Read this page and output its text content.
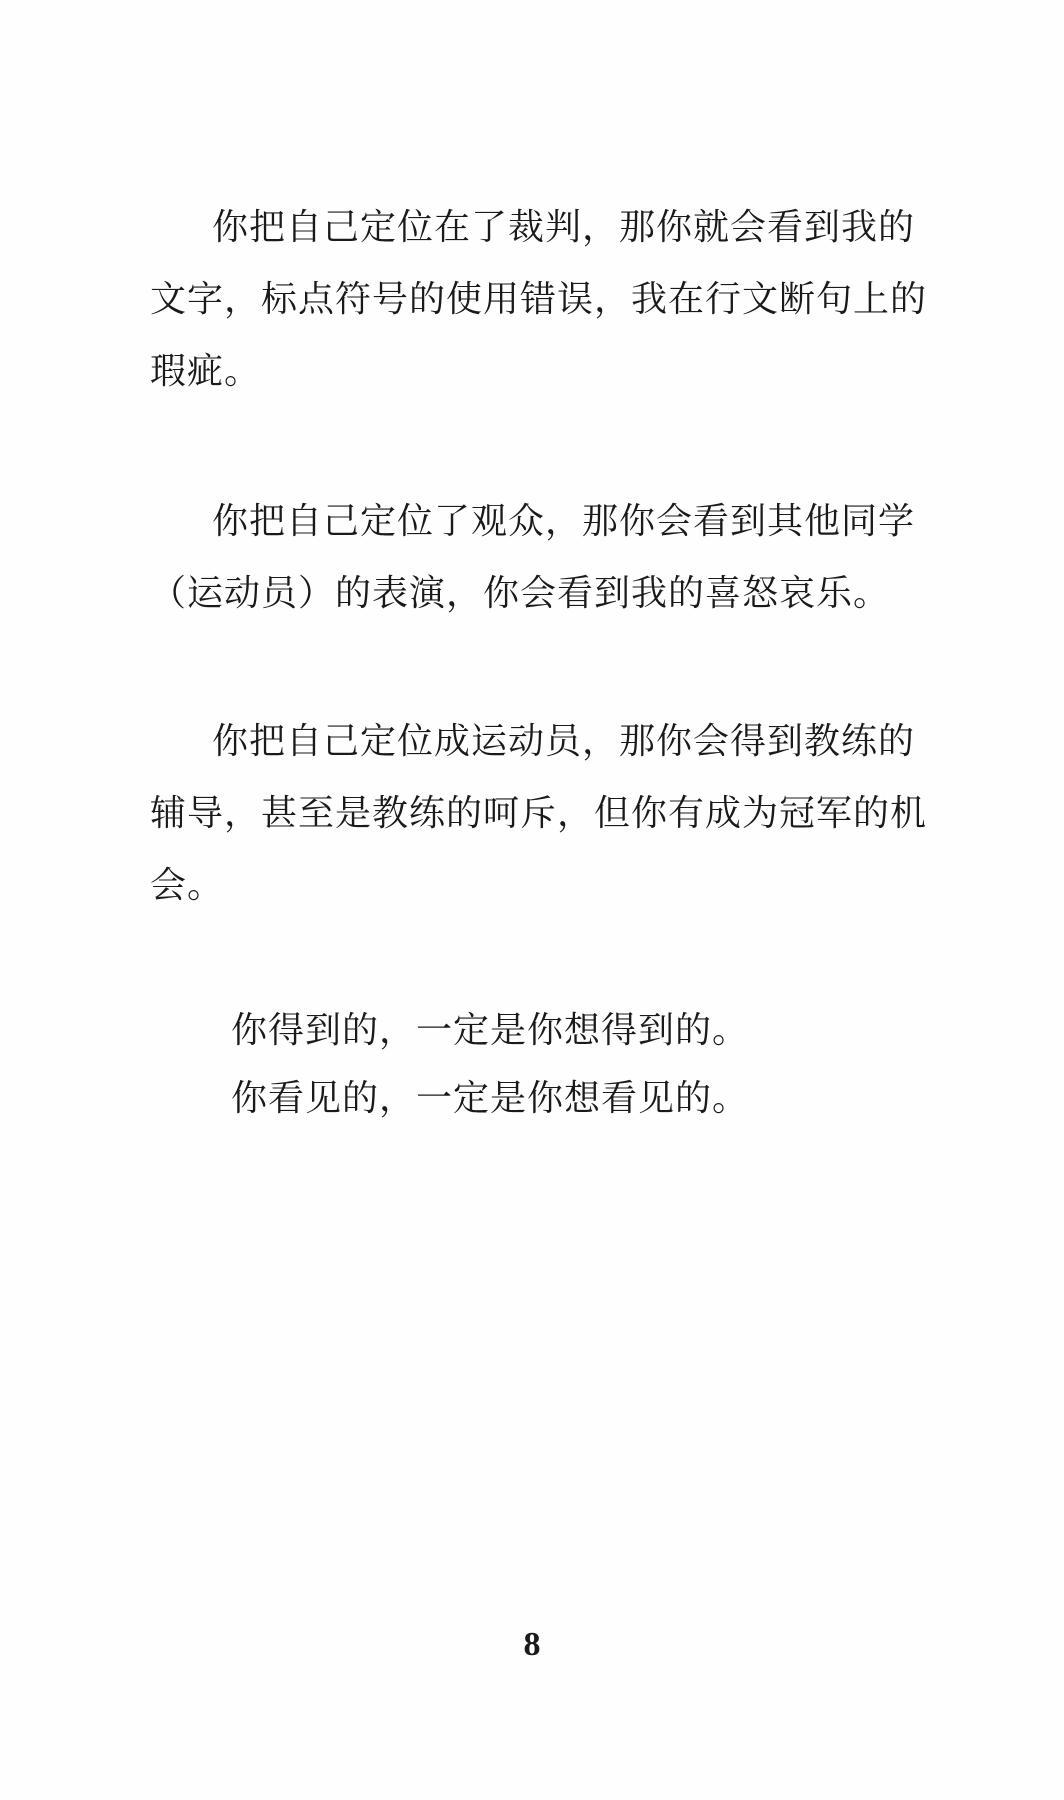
你把自己定位在了裁判，那你就会看到我的
文字，标点符号的使用错误，我在行文断句上的
瑕疵。

你把自己定位了观众，那你会看到其他同学
（运动员）的表演，你会看到我的喜怒哀乐。

你把自己定位成运动员，那你会得到教练的
辅导，甚至是教练的呵斥，但你有成为冠军的机
会。

你得到的，一定是你想得到的。

你看见的，一定是你想看见的。

8
